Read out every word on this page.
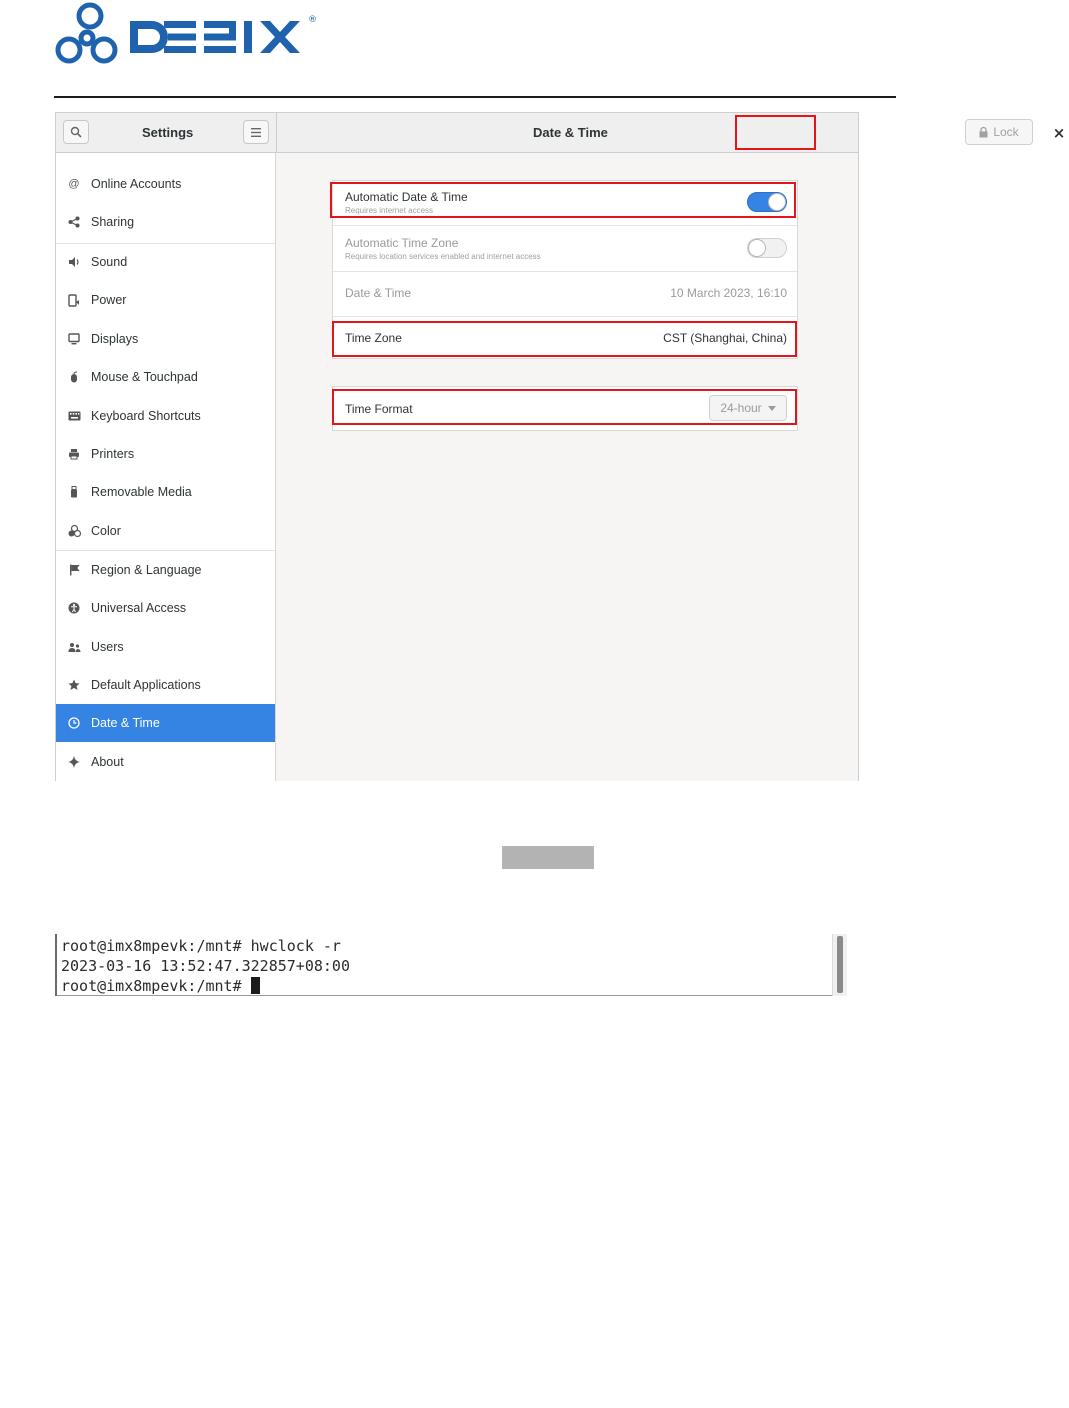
®
Settings	Date & Time	Lock ×
@ Online Accounts
Sharing
Sound
Power
Displays
Mouse & Touchpad
Keyboard Shortcuts
Printers
Removable Media
Color
Region & Language
Universal Access
Users
Default Applications
Date & Time
About
Automatic Date & Time
Requires internet access
Automatic Time Zone
Requires location services enabled and internet access
Date & Time	10 March 2023, 16:10
Time Zone	CST (Shanghai, China)
Time Format	24-hour
root@imx8mpevk:/mnt# hwclock -r
2023-03-16 13:52:47.322857+08:00
root@imx8mpevk:/mnt#
